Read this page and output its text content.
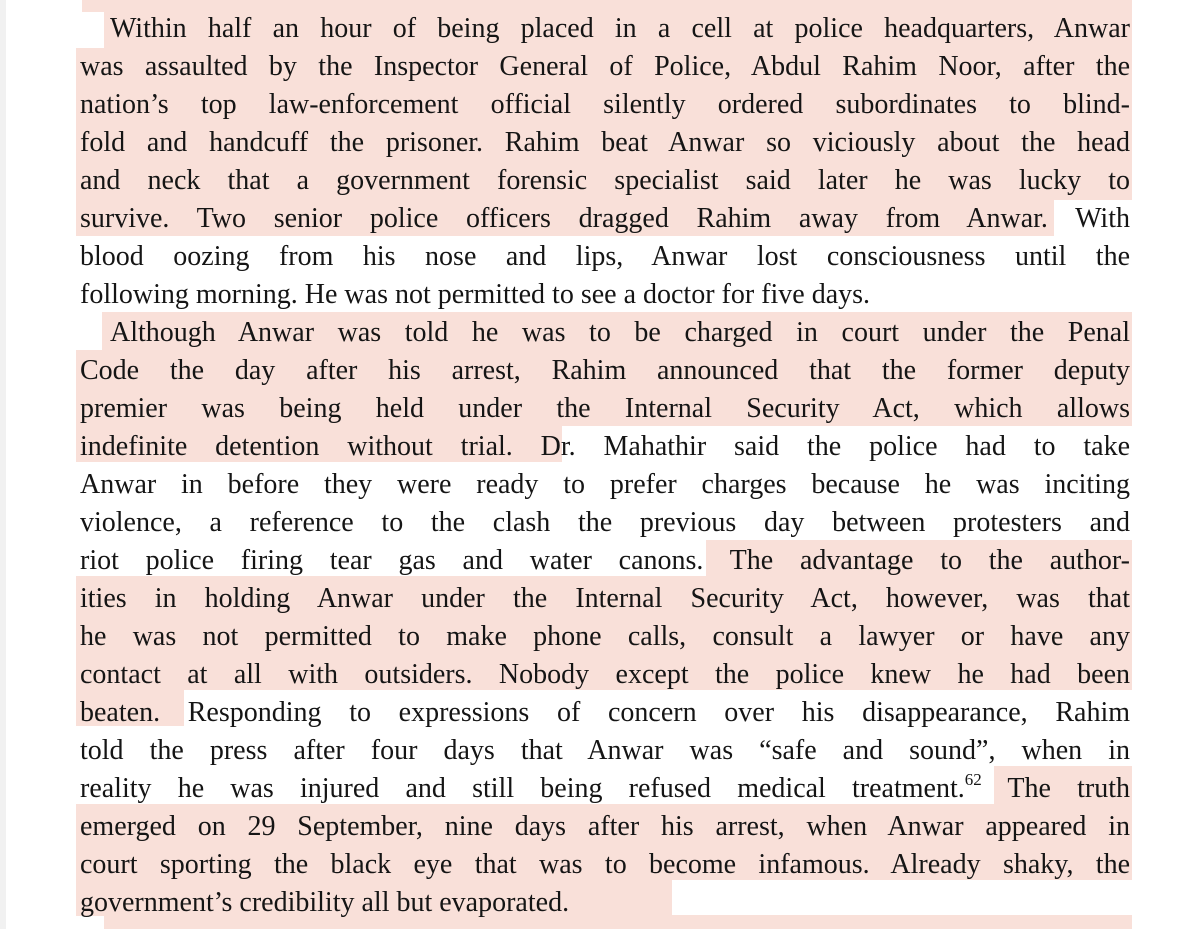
Within half an hour of being placed in a cell at police headquarters, Anwar
was assaulted by the Inspector General of Police, Abdul Rahim Noor, after the
nation’s top law-enforcement official silently ordered subordinates to blind-
fold and handcuff the prisoner. Rahim beat Anwar so viciously about the head
and neck that a government forensic specialist said later he was lucky to
survive. Two senior police officers dragged Rahim away from Anwar. With
blood oozing from his nose and lips, Anwar lost consciousness until the
following morning. He was not permitted to see a doctor for five days.
Although Anwar was told he was to be charged in court under the Penal
Code the day after his arrest, Rahim announced that the former deputy
premier was being held under the Internal Security Act, which allows
indefinite detention without trial. Dr. Mahathir said the police had to take
Anwar in before they were ready to prefer charges because he was inciting
violence, a reference to the clash the previous day between protesters and
riot police firing tear gas and water canons. The advantage to the author-
ities in holding Anwar under the Internal Security Act, however, was that
he was not permitted to make phone calls, consult a lawyer or have any
contact at all with outsiders. Nobody except the police knew he had been
beaten. Responding to expressions of concern over his disappearance, Rahim
told the press after four days that Anwar was “safe and sound”, when in
reality he was injured and still being refused medical treatment.$^{62}$ The truth
emerged on 29 September, nine days after his arrest, when Anwar appeared in
court sporting the black eye that was to become infamous. Already shaky, the
government’s credibility all but evaporated.
